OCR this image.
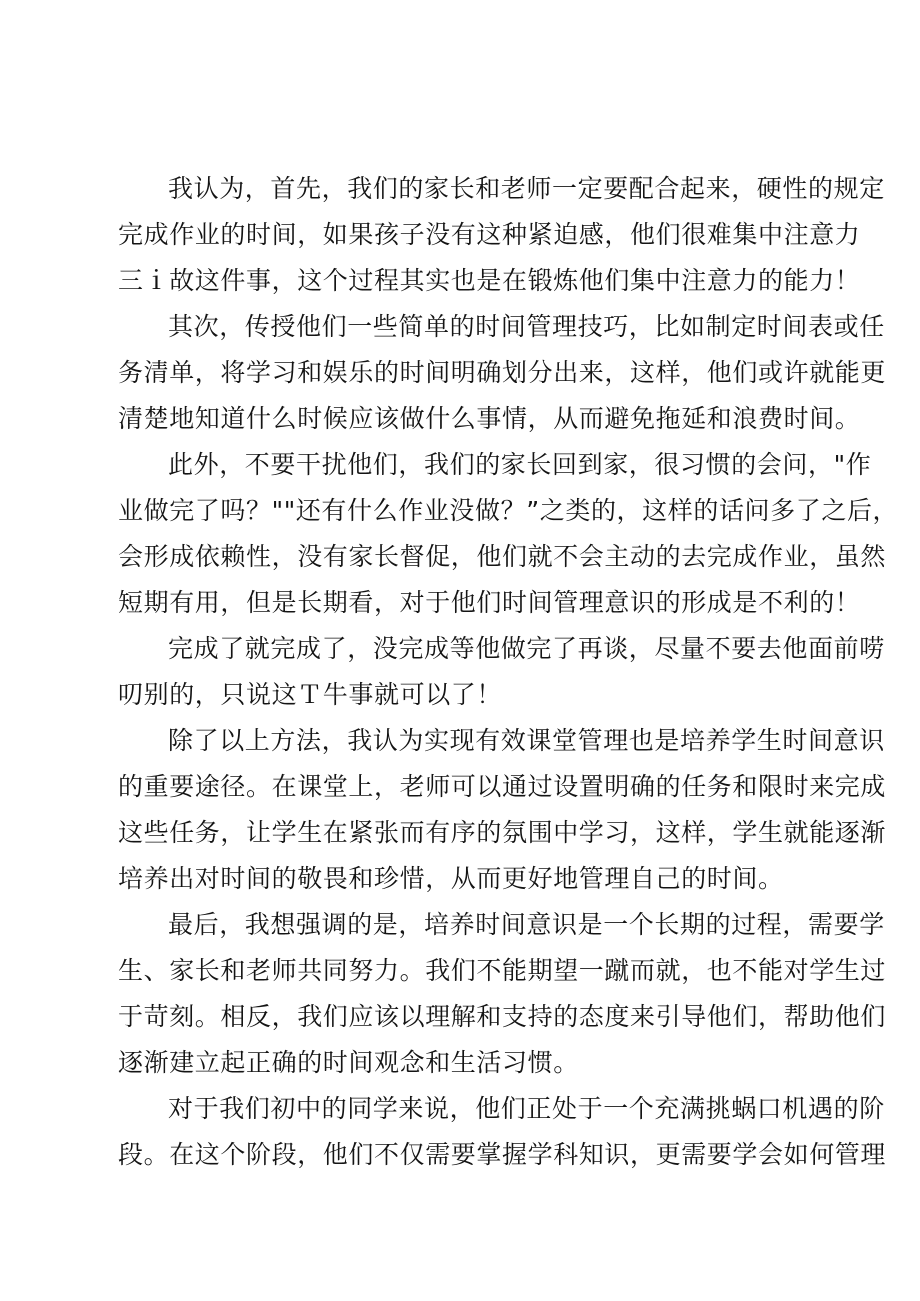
我认为，首先，我们的家长和老师一定要配合起来，硬性的规定
完成作业的时间，如果孩子没有这种紧迫感，他们很难集中注意力
三ｉ故这件事，这个过程其实也是在锻炼他们集中注意力的能力！
其次，传授他们一些简单的时间管理技巧，比如制定时间表或任
务清单，将学习和娱乐的时间明确划分出来，这样，他们或许就能更
清楚地知道什么时候应该做什么事情，从而避免拖延和浪费时间。
此外，不要干扰他们，我们的家长回到家，很习惯的会问，"作
业做完了吗？""还有什么作业没做？”之类的，这样的话问多了之后，
会形成依赖性，没有家长督促，他们就不会主动的去完成作业，虽然
短期有用，但是长期看，对于他们时间管理意识的形成是不利的！
完成了就完成了，没完成等他做完了再谈，尽量不要去他面前唠
叨别的，只说这Ｔ牛事就可以了！
除了以上方法，我认为实现有效课堂管理也是培养学生时间意识
的重要途径。在课堂上，老师可以通过设置明确的任务和限时来完成
这些任务，让学生在紧张而有序的氛围中学习，这样，学生就能逐渐
培养出对时间的敬畏和珍惜，从而更好地管理自己的时间。
最后，我想强调的是，培养时间意识是一个长期的过程，需要学
生、家长和老师共同努力。我们不能期望一蹴而就，也不能对学生过
于苛刻。相反，我们应该以理解和支持的态度来引导他们，帮助他们
逐渐建立起正确的时间观念和生活习惯。
对于我们初中的同学来说，他们正处于一个充满挑蜗口机遇的阶
段。在这个阶段，他们不仅需要掌握学科知识，更需要学会如何管理
